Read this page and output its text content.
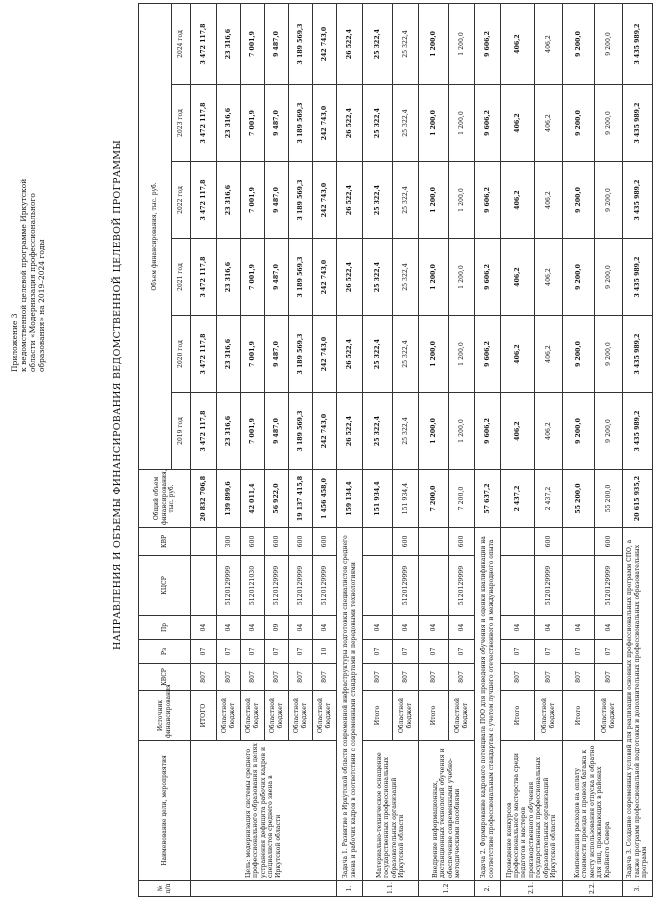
Приложение 3 к ведомственной целевой программе Иркутской области «Модернизация профессионального образования» на 2019–2024 годы	НАПРАВЛЕНИЯ И ОБЪЕМЫ ФИНАНСИРОВАНИЯ ВЕДОМСТВЕННОЙ ЦЕЛЕВОЙ ПРОГРАММЫ
№ п/п	Наименование цели, мероприятия	Источник финансирования	КВСР	Рз	Пр	КЦСР	КВР	Общий объем финансирования, тыс. руб.	Объем финансирования, тыс. руб.					
									2019 год	2020 год	2021 год	2022 год	2023 год	2024 год
	Цель: модернизация системы среднего профессионального образования в целях устранения дефицита рабочих кадров и специалистов среднего звена в Иркутской области	ИТОГО	807	07	04			20 832 706,8	3 472 117,8	3 472 117,8	3 472 117,8	3 472 117,8	3 472 117,8	3 472 117,8
		Областной бюджет	807	07	04	5120129999	300	139 899,6	23 316,6	23 316,6	23 316,6	23 316,6	23 316,6	23 316,6
		Областной бюджет	807	07	04	5120121030	600	42 011,4	7 001,9	7 001,9	7 001,9	7 001,9	7 001,9	7 001,9
		Областной бюджет	807	07	09	5120129999	600	56 922,0	9 487,0	9 487,0	9 487,0	9 487,0	9 487,0	9 487,0
		Областной бюджет	807	07	04	5120129999	600	19 137 415,8	3 189 569,3	3 189 569,3	3 189 569,3	3 189 569,3	3 189 569,3	3 189 569,3
		Областной бюджет	807	10	04	5120129999	600	1 456 458,0	242 743,0	242 743,0	242 743,0	242 743,0	242 743,0	242 743,0
1.	Задача 1. Развитие в Иркутской области современной инфраструктуры подготовки специалистов среднего звена и рабочих кадров в соответствии с современными стандартами и передовыми технологиями							159 134,4	26 522,4	26 522,4	26 522,4	26 522,4	26 522,4	26 522,4
1.1.	Материально-техническое оснащение государственных профессиональных образовательных организаций Иркутской области	Итого	807	07	04			151 934,4	25 322,4	25 322,4	25 322,4	25 322,4	25 322,4	25 322,4
		Областной бюджет	807	07	04	5120129999	600	151 934,4	25 322,4	25 322,4	25 322,4	25 322,4	25 322,4	25 322,4
1.2	Внедрение информационных, дистанционных технологий обучения и обеспечение современными учебно-методическими пособиями	Итого	807	07	04			7 200,0	1 200,0	1 200,0	1 200,0	1 200,0	1 200,0	1 200,0
		Областной бюджет	807	07	04	5120129999	600	7 200,0	1 200,0	1 200,0	1 200,0	1 200,0	1 200,0	1 200,0
2.	Задача 2. Формирование кадрового потенциала ПОО для проведения обучения и оценки квалификации на соответствие профессиональным стандартам с учетом лучшего отечественного и международного опыта							57 637,2	9 606,2	9 606,2	9 606,2	9 606,2	9 606,2	9 606,2
2.1.	Проведение конкурсов профессионального мастерства среди педагогов и мастеров производственного обучения государственных профессиональных образовательных организаций Иркутской области	Итого	807	07	04			2 437,2	406,2	406,2	406,2	406,2	406,2	406,2
		Областной бюджет	807	07	04	5120129999	600	2 437,2	406,2	406,2	406,2	406,2	406,2	406,2
2.2.	Компенсация расходов на оплату стоимости проезда и провоза багажа к месту использования отпуска и обратно для лиц, проживающих в районах Крайнего Севера	Итого	807	07	04			55 200,0	9 200,0	9 200,0	9 200,0	9 200,0	9 200,0	9 200,0
		Областной бюджет	807	07	04	5120129999	600	55 200,0	9 200,0	9 200,0	9 200,0	9 200,0	9 200,0	9 200,0
3.	Задача 3. Создание современных условий для реализации основных профессиональных программ СПО, а также программ профессиональной подготовки и дополнительных профессиональных образовательных программ							20 615 935,2	3 435 989,2	3 435 989,2	3 435 989,2	3 435 989,2	3 435 989,2	3 435 989,2
